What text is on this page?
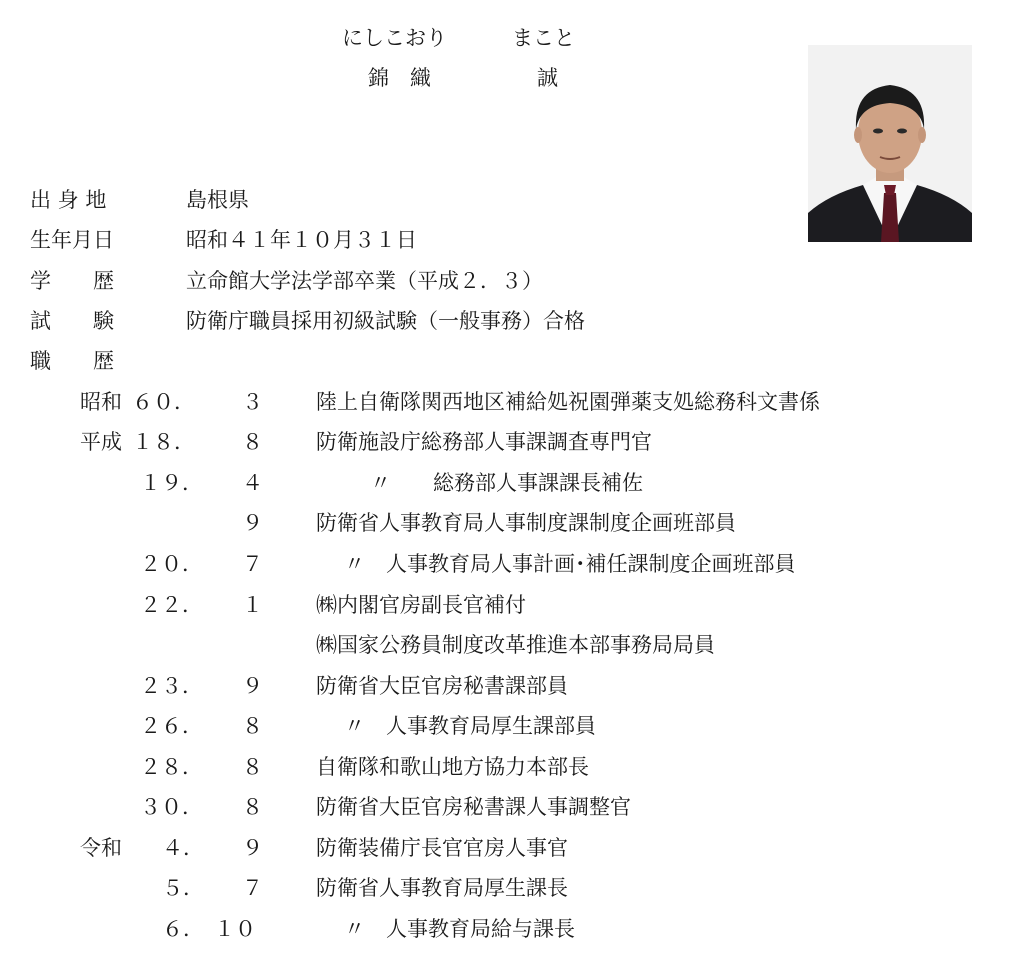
にしこおり	まこと
錦　織	誠
出 身 地	島根県
生年月日	昭和４１年１０月３１日
学　　歴	立命館大学法学部卒業（平成２．３）
試　　験	防衛庁職員採用初級試験（一般事務）合格
職　　歴
昭和 ６０． ３	陸上自衛隊関西地区補給処祝園弾薬支処総務科文書係
平成 １８． ８	防衛施設庁総務部人事課調査専門官
１９． ４	〃　　総務部人事課課長補佐
９	防衛省人事教育局人事制度課制度企画班部員
２０． ７	〃　人事教育局人事計画･補任課制度企画班部員
２２． １	㈱内閣官房副長官補付
㈱国家公務員制度改革推進本部事務局局員
２３． ９	防衛省大臣官房秘書課部員
２６． ８	〃　人事教育局厚生課部員
２８． ８	自衛隊和歌山地方協力本部長
３０． ８	防衛省大臣官房秘書課人事調整官
令和 ４． ９	防衛装備庁長官官房人事官
５． ７	防衛省人事教育局厚生課長
６． １０	〃　人事教育局給与課長
